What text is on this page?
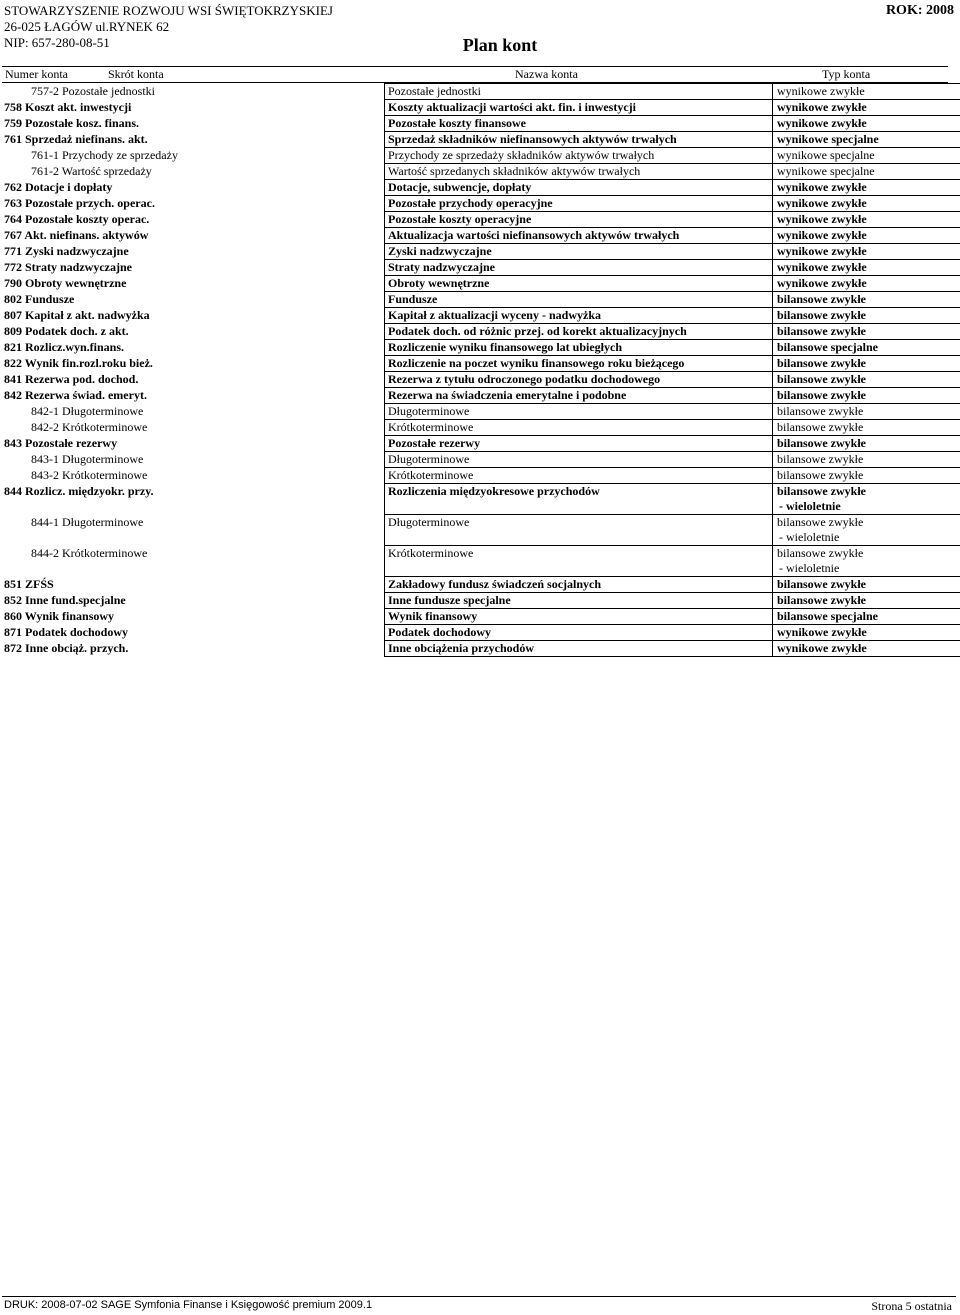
STOWARZYSZENIE ROZWOJU WSI ŚWIĘTOKRZYSKIEJ
26-025 ŁAGÓW ul.RYNEK 62
NIP: 657-280-08-51
ROK: 2008
Plan kont
Numer konta	Skrót konta	Nazwa konta	Typ konta
757-2 Pozostałe jednostki	Pozostałe jednostki	wynikowe zwykłe

758 Koszt akt. inwestycji	Koszty aktualizacji wartości akt. fin. i inwestycji	wynikowe zwykłe

759 Pozostałe kosz. finans.	Pozostałe koszty finansowe	wynikowe zwykłe

761 Sprzedaż niefinans. akt.	Sprzedaż składników niefinansowych aktywów trwałych	wynikowe specjalne

761-1 Przychody ze sprzedaży	Przychody ze sprzedaży składników aktywów trwałych	wynikowe specjalne

761-2 Wartość sprzedaży	Wartość sprzedanych składników aktywów trwałych	wynikowe specjalne

762 Dotacje i dopłaty	Dotacje, subwencje, dopłaty	wynikowe zwykłe

763 Pozostałe przych. operac.	Pozostałe przychody operacyjne	wynikowe zwykłe

764 Pozostałe koszty operac.	Pozostałe koszty operacyjne	wynikowe zwykłe

767 Akt. niefinans. aktywów	Aktualizacja wartości niefinansowych aktywów trwałych	wynikowe zwykłe

771 Zyski nadzwyczajne	Zyski nadzwyczajne	wynikowe zwykłe

772 Straty nadzwyczajne	Straty nadzwyczajne	wynikowe zwykłe

790 Obroty wewnętrzne	Obroty wewnętrzne	wynikowe zwykłe

802 Fundusze	Fundusze	bilansowe zwykłe

807 Kapitał z akt. nadwyżka	Kapitał z aktualizacji wyceny - nadwyżka	bilansowe zwykłe

809 Podatek doch. z akt.	Podatek doch. od różnic przej. od korekt aktualizacyjnych	bilansowe zwykłe

821 Rozlicz.wyn.finans.	Rozliczenie wyniku finansowego lat ubiegłych	bilansowe specjalne

822 Wynik fin.rozl.roku bież.	Rozliczenie na poczet wyniku finansowego roku bieżącego	bilansowe zwykłe

841 Rezerwa pod. dochod.	Rezerwa z tytułu odroczonego podatku dochodowego	bilansowe zwykłe

842 Rezerwa świad. emeryt.	Rezerwa na świadczenia emerytalne i podobne	bilansowe zwykłe

842-1 Długoterminowe	Długoterminowe	bilansowe zwykłe

842-2 Krótkoterminowe	Krótkoterminowe	bilansowe zwykłe

843 Pozostałe rezerwy	Pozostałe rezerwy	bilansowe zwykłe

843-1 Długoterminowe	Długoterminowe	bilansowe zwykłe

843-2 Krótkoterminowe	Krótkoterminowe	bilansowe zwykłe

844 Rozlicz. międzyokr. przy.	Rozliczenia międzyokresowe przychodów	bilansowe zwykłe
- wieloletnie

844-1 Długoterminowe	Długoterminowe	bilansowe zwykłe
- wieloletnie

844-2 Krótkoterminowe	Krótkoterminowe	bilansowe zwykłe
- wieloletnie

851 ZFŚS	Zakładowy fundusz świadczeń socjalnych	bilansowe zwykłe

852 Inne fund.specjalne	Inne fundusze specjalne	bilansowe zwykłe

860 Wynik finansowy	Wynik finansowy	bilansowe specjalne

871 Podatek dochodowy	Podatek dochodowy	wynikowe zwykłe

872 Inne obciąż. przych.	Inne obciążenia przychodów	wynikowe zwykłe
DRUK: 2008-07-02 SAGE Symfonia Finanse i Księgowość premium 2009.1	Strona 5 ostatnia
